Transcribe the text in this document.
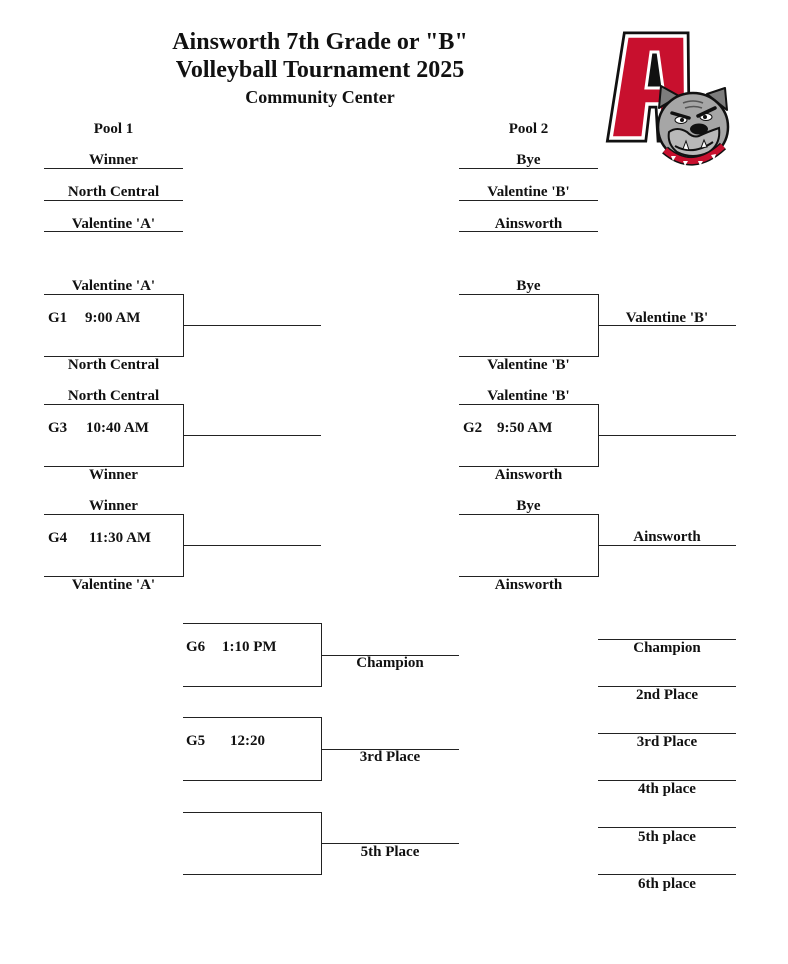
Ainsworth 7th Grade or "B"
Volleyball Tournament 2025
Community Center
Pool 1
Winner
North Central
Valentine 'A'
Pool 2
Bye
Valentine 'B'
Ainsworth
Valentine 'A'
G1 9:00 AM
North Central
North Central
G3 10:40 AM
Winner
Winner
G4 11:30 AM
Valentine 'A'
Bye
Valentine 'B'
Valentine 'B'
Valentine 'B'
G2 9:50 AM
Ainsworth
Bye
Ainsworth
Ainsworth
G6 1:10 PM
Champion
G5 12:20
3rd Place
5th Place
Champion
2nd Place
3rd Place
4th place
5th place
6th place
